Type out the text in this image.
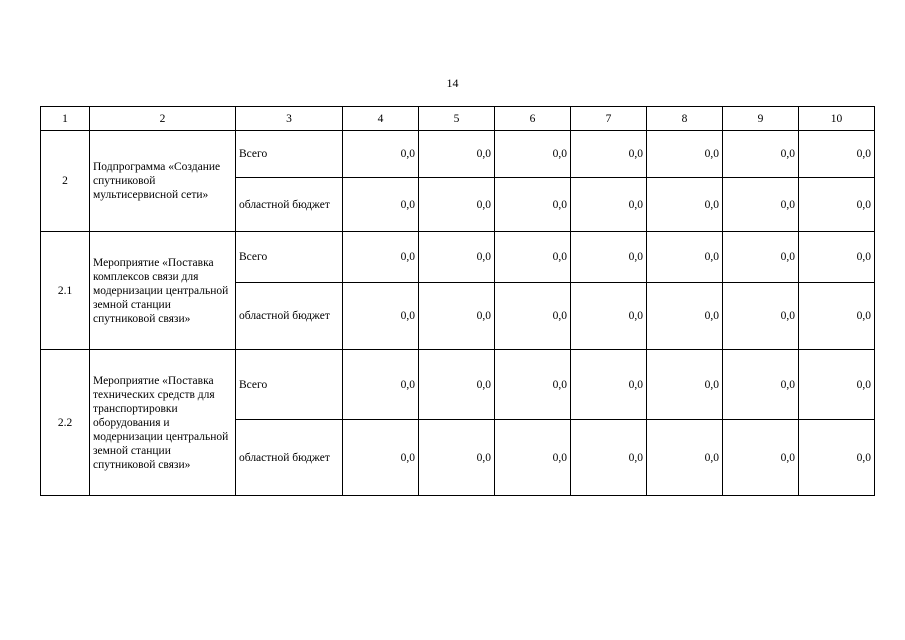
14
1	2	3	4	5	6	7	8	9	10
2	Подпрограмма «Создание спутниковой мультисервисной сети»	Всего	0,0	0,0	0,0	0,0	0,0	0,0	0,0
		областной бюджет	0,0	0,0	0,0	0,0	0,0	0,0	0,0
2.1	Мероприятие «Поставка комплексов связи для модернизации центральной земной станции спутниковой связи»	Всего	0,0	0,0	0,0	0,0	0,0	0,0	0,0
		областной бюджет	0,0	0,0	0,0	0,0	0,0	0,0	0,0
2.2	Мероприятие «Поставка технических средств для транспортировки оборудования и модернизации центральной земной станции спутниковой связи»	Всего	0,0	0,0	0,0	0,0	0,0	0,0	0,0
		областной бюджет	0,0	0,0	0,0	0,0	0,0	0,0	0,0
